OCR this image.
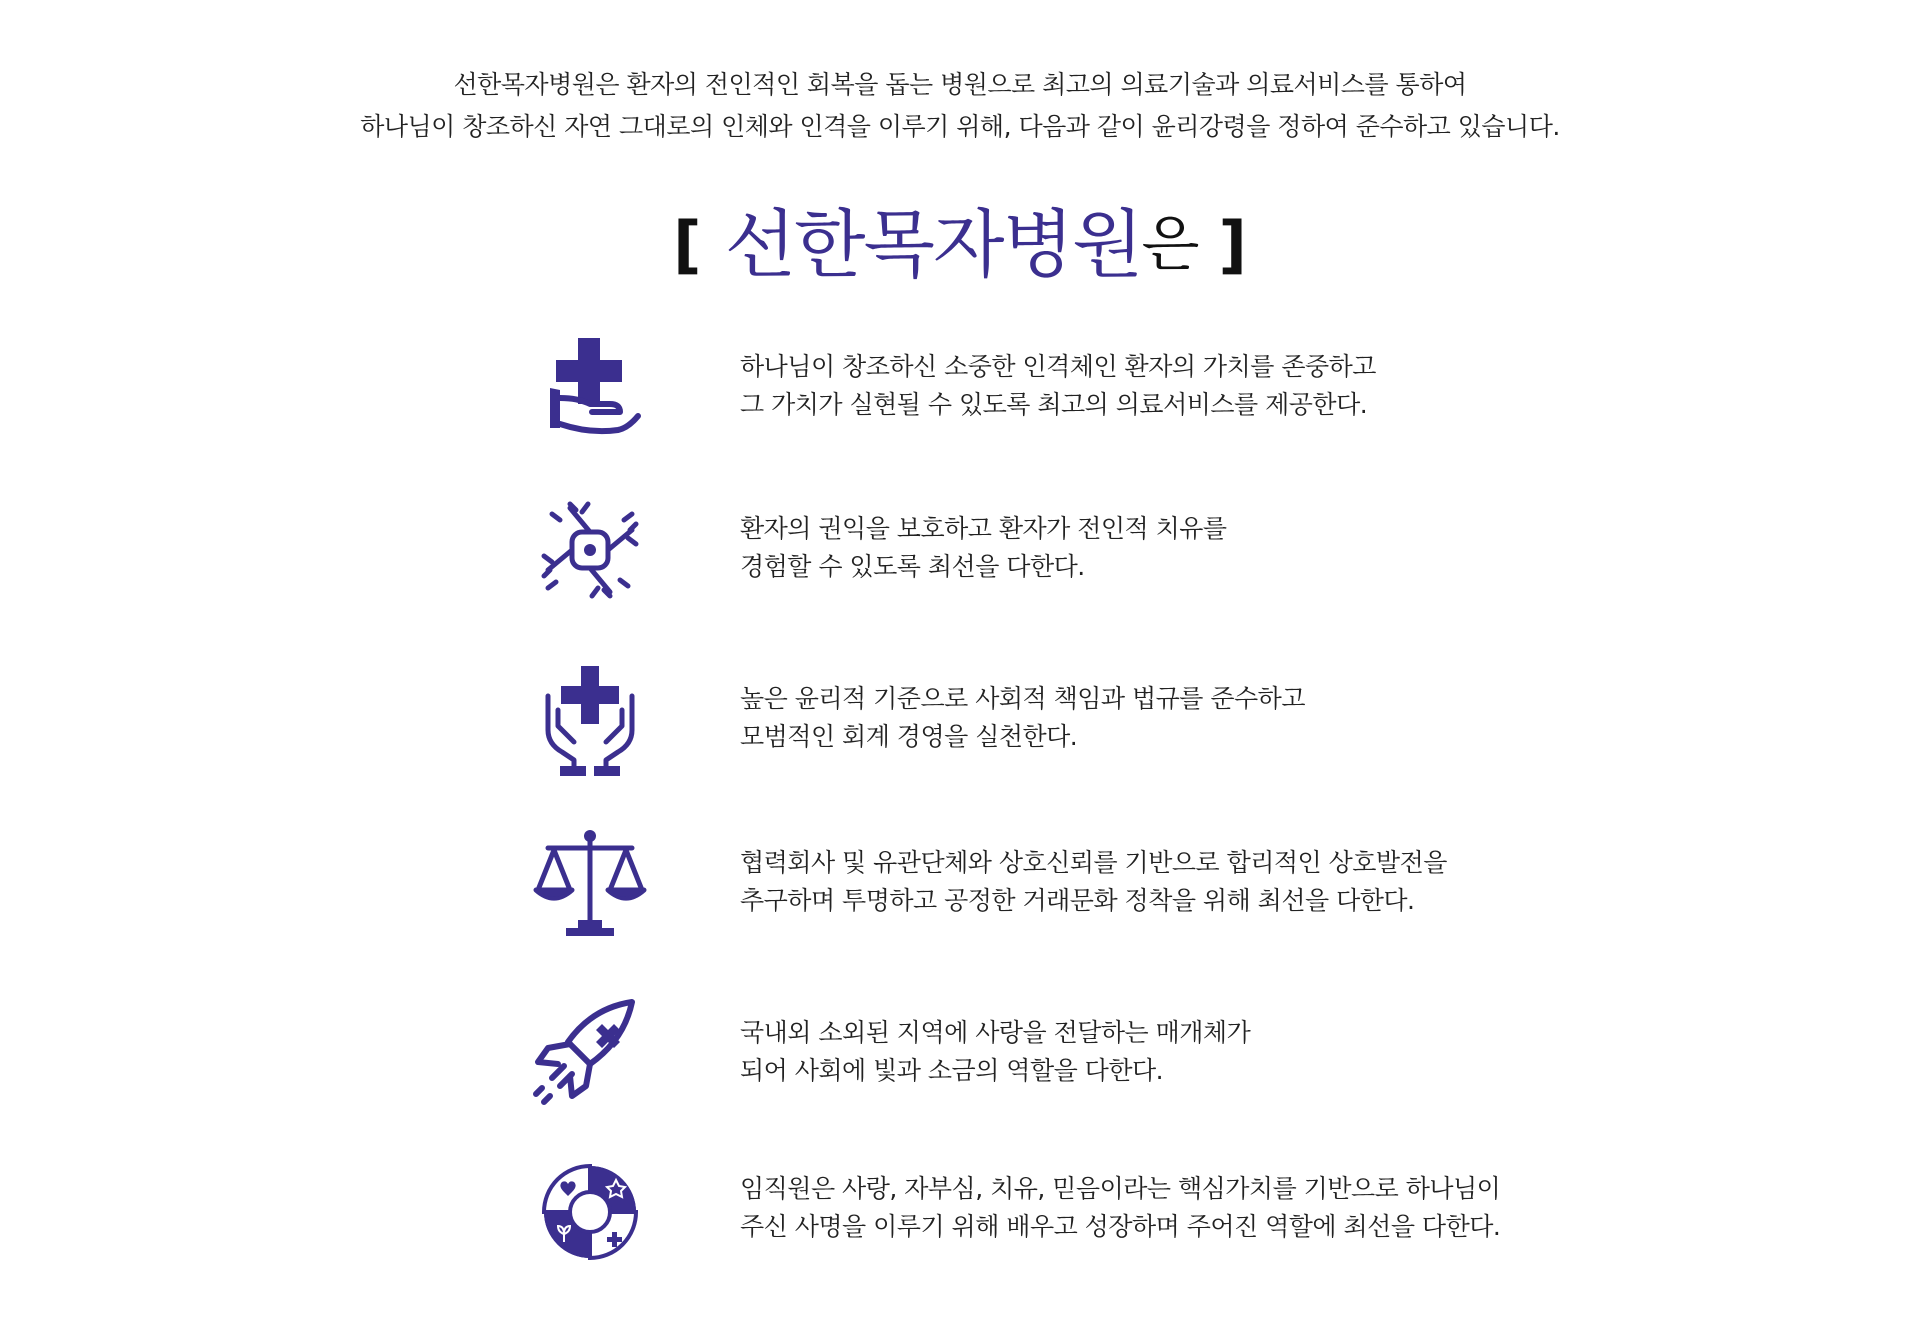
선한목자병원은 환자의 전인적인 회복을 돕는 병원으로 최고의 의료기술과 의료서비스를 통하여
하나님이 창조하신 자연 그대로의 인체와 인격을 이루기 위해, 다음과 같이 윤리강령을 정하여 준수하고 있습니다.
[ 선한목자병원은 ]
하나님이 창조하신 소중한 인격체인 환자의 가치를 존중하고
그 가치가 실현될 수 있도록 최고의 의료서비스를 제공한다.
환자의 권익을 보호하고 환자가 전인적 치유를
경험할 수 있도록 최선을 다한다.
높은 윤리적 기준으로 사회적 책임과 법규를 준수하고
모범적인 회계 경영을 실천한다.
협력회사 및 유관단체와 상호신뢰를 기반으로 합리적인 상호발전을
추구하며 투명하고 공정한 거래문화 정착을 위해 최선을 다한다.
국내외 소외된 지역에 사랑을 전달하는 매개체가
되어 사회에 빛과 소금의 역할을 다한다.
임직원은 사랑, 자부심, 치유, 믿음이라는 핵심가치를 기반으로 하나님이
주신 사명을 이루기 위해 배우고 성장하며 주어진 역할에 최선을 다한다.
